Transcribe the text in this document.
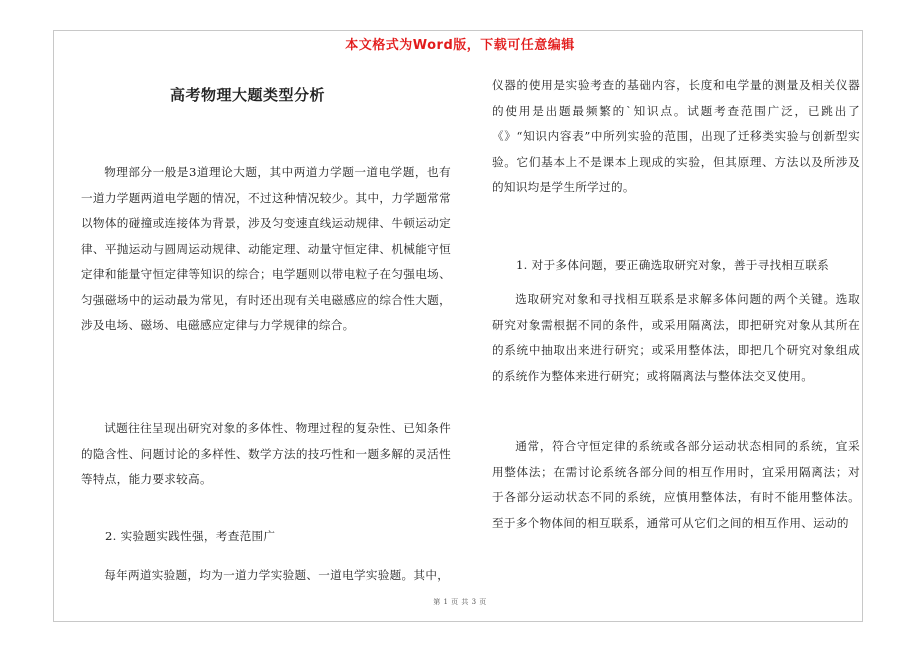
本文格式为Word版，下载可任意编辑
高考物理大题类型分析

物理部分一般是3道理论大题，其中两道力学题一道电学题，也有一道力学题两道电学题的情况，不过这种情况较少。其中，力学题常常以物体的碰撞或连接体为背景，涉及匀变速直线运动规律、牛顿运动定律、平抛运动与圆周运动规律、动能定理、动量守恒定律、机械能守恒定律和能量守恒定律等知识的综合；电学题则以带电粒子在匀强电场、匀强磁场中的运动最为常见，有时还出现有关电磁感应的综合性大题，涉及电场、磁场、电磁感应定律与力学规律的综合。

试题往往呈现出研究对象的多体性、物理过程的复杂性、已知条件的隐含性、问题讨论的多样性、数学方法的技巧性和一题多解的灵活性等特点，能力要求较高。

2. 实验题实践性强，考查范围广

每年两道实验题，均为一道力学实验题、一道电学实验题。其中，

仪器的使用是实验考查的基础内容，长度和电学量的测量及相关仪器的使用是出题最频繁的`知识点。试题考查范围广泛，已跳出了《》“知识内容表”中所列实验的范围，出现了迁移类实验与创新型实验。它们基本上不是课本上现成的实验，但其原理、方法以及所涉及的知识均是学生所学过的。

1. 对于多体问题，要正确选取研究对象，善于寻找相互联系

选取研究对象和寻找相互联系是求解多体问题的两个关键。选取研究对象需根据不同的条件，或采用隔离法，即把研究对象从其所在的系统中抽取出来进行研究；或采用整体法，即把几个研究对象组成的系统作为整体来进行研究；或将隔离法与整体法交叉使用。

通常，符合守恒定律的系统或各部分运动状态相同的系统，宜采用整体法；在需讨论系统各部分间的相互作用时，宜采用隔离法；对于各部分运动状态不同的系统，应慎用整体法，有时不能用整体法。至于多个物体间的相互联系，通常可从它们之间的相互作用、运动的

第 1 页 共 3 页
